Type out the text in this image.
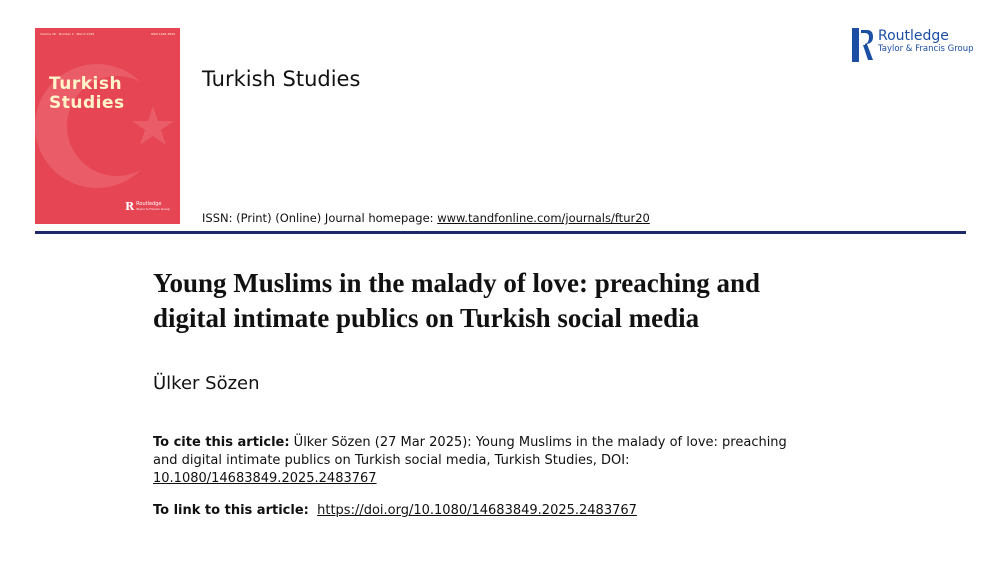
Volume 26 · Number 2 · March 2025	ISSN 1468-3849
Turkish
Studies
R Routledge
Taylor & Francis Group
Turkish Studies
Routledge
Taylor & Francis Group
ISSN: (Print) (Online) Journal homepage: www.tandfonline.com/journals/ftur20
Young Muslims in the malady of love: preaching and digital intimate publics on Turkish social media
Ülker Sözen
To cite this article: Ülker Sözen (27 Mar 2025): Young Muslims in the malady of love: preaching and digital intimate publics on Turkish social media, Turkish Studies, DOI: 10.1080/14683849.2025.2483767
To link to this article: https://doi.org/10.1080/14683849.2025.2483767
